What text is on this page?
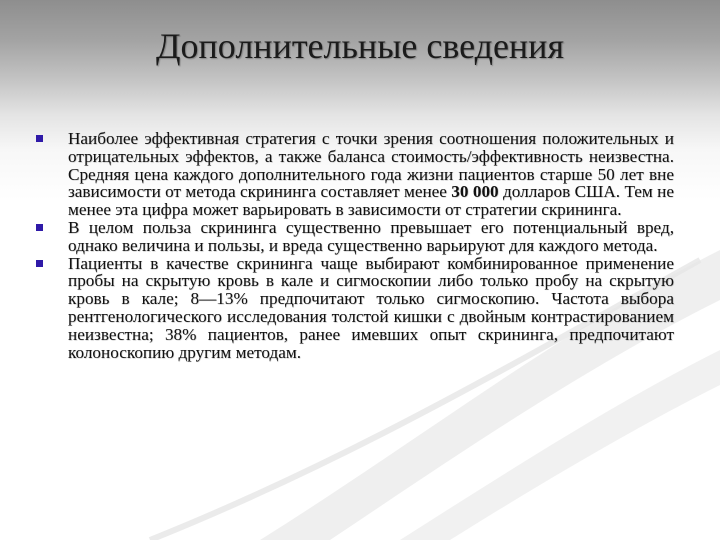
Дополнительные сведения
Наиболее эффективная стратегия с точки зрения соотношения положительных и отрицательных эффектов, а также баланса стоимость/эффективность неизвестна. Средняя цена каждого дополнительного года жизни пациентов старше 50 лет вне зависимости от метода скрининга составляет менее 30 000 долларов США. Тем не менее эта цифра может варьировать в зависимости от стратегии скрининга.
В целом польза скрининга существенно превышает его потенциальный вред, однако величина и пользы, и вреда существенно варьируют для каждого метода.
Пациенты в качестве скрининга чаще выбирают комбинированное применение пробы на скрытую кровь в кале и сигмоскопии либо только пробу на скрытую кровь в кале; 8—13% предпочитают только сигмоскопию. Частота выбора рентгенологического исследования толстой кишки с двойным контрастированием неизвестна; 38% пациентов, ранее имевших опыт скрининга, предпочитают колоноскопию другим методам.
